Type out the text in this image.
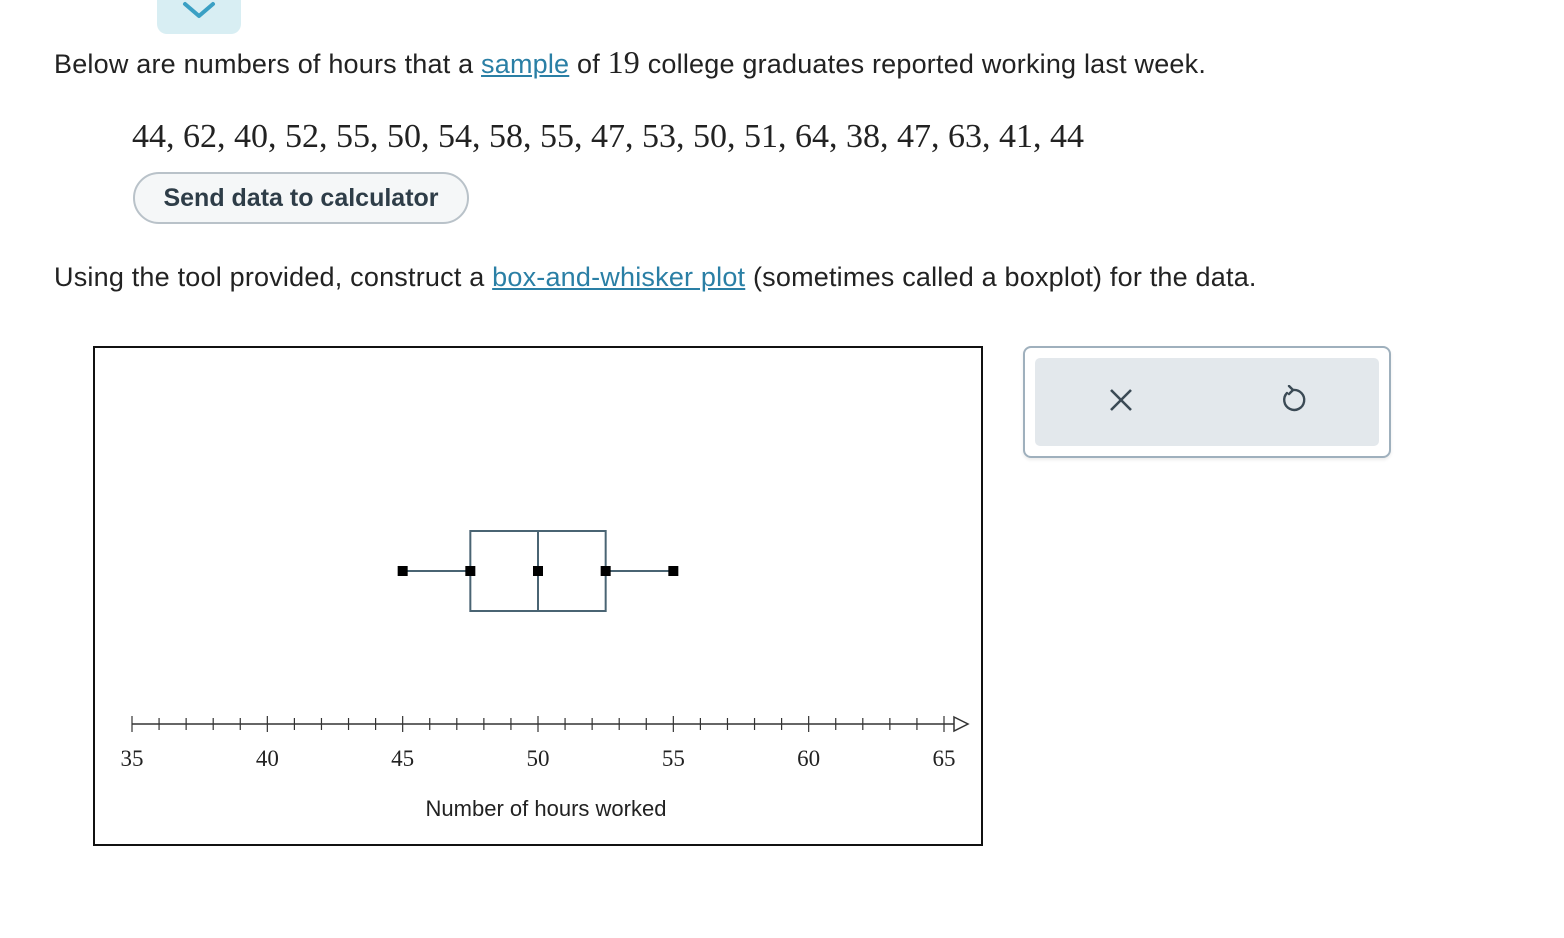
Below are numbers of hours that a sample of 19 college graduates reported working last week.
44, 62, 40, 52, 55, 50, 54, 58, 55, 47, 53, 50, 51, 64, 38, 47, 63, 41, 44
Send data to calculator
Using the tool provided, construct a box-and-whisker plot (sometimes called a boxplot) for the data.
35	40	45	50	55	60	65
Number of hours worked
